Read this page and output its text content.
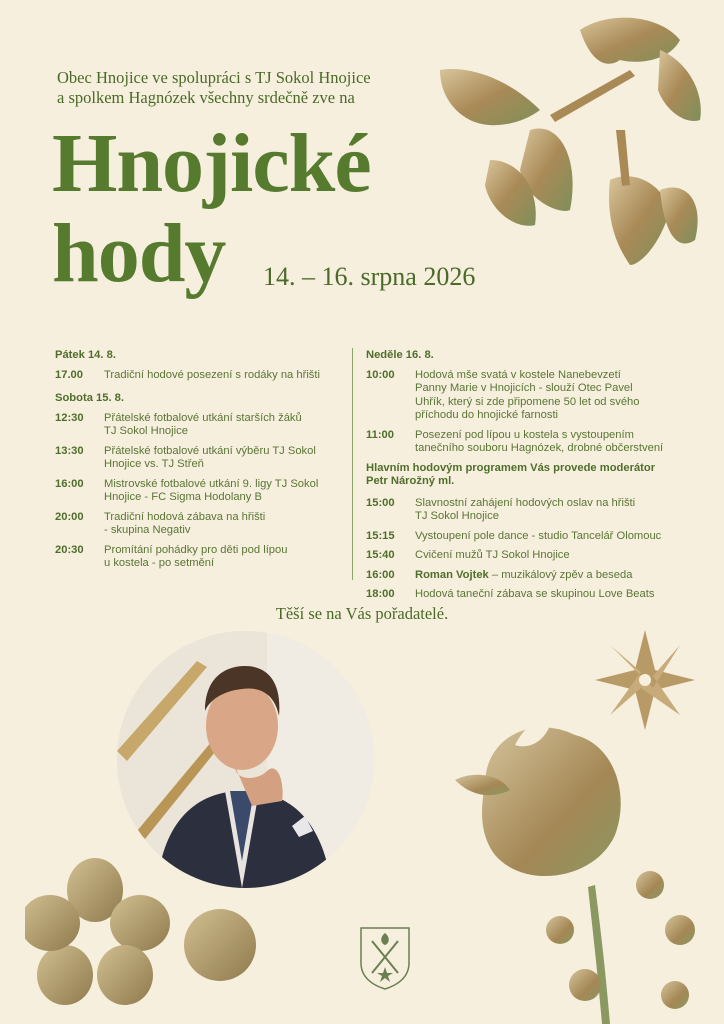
Obec Hnojice ve spolupráci s TJ Sokol Hnojice
a spolkem Hagnózek všechny srdečně zve na
Hnojické
hody 14. – 16. srpna 2026
Pátek 14. 8.
17.00	Tradiční hodové posezení s rodáky na hřišti
Sobota 15. 8.
12:30	Přátelské fotbalové utkání starších žáků
TJ Sokol Hnojice
13:30	Přátelské fotbalové utkání výběru TJ Sokol
Hnojice vs. TJ Střeň
16:00	Mistrovské fotbalové utkání 9. ligy TJ Sokol
Hnojice - FC Sigma Hodolany B
20:00	Tradiční hodová zábava na hřišti
- skupina Negativ
20:30	Promítání pohádky pro děti pod lípou
u kostela - po setmění
Neděle 16. 8.
10:00	Hodová mše svatá v kostele Nanebevzetí
Panny Marie v Hnojicích - slouží Otec Pavel
Uhřík, který si zde připomene 50 let od svého
příchodu do hnojické farnosti
11:00	Posezení pod lípou u kostela s vystoupením
tanečního souboru Hagnózek, drobné občerstvení
Hlavním hodovým programem Vás provede moderátor
Petr Nárožný ml.
15:00	Slavnostní zahájení hodových oslav na hřišti
TJ Sokol Hnojice
15:15	Vystoupení pole dance - studio Tancelář Olomouc
15:40	Cvičení mužů TJ Sokol Hnojice
16:00	Roman Vojtek – muzikálový zpěv a beseda
18:00	Hodová taneční zábava se skupinou Love Beats
Těší se na Vás pořadatelé.
